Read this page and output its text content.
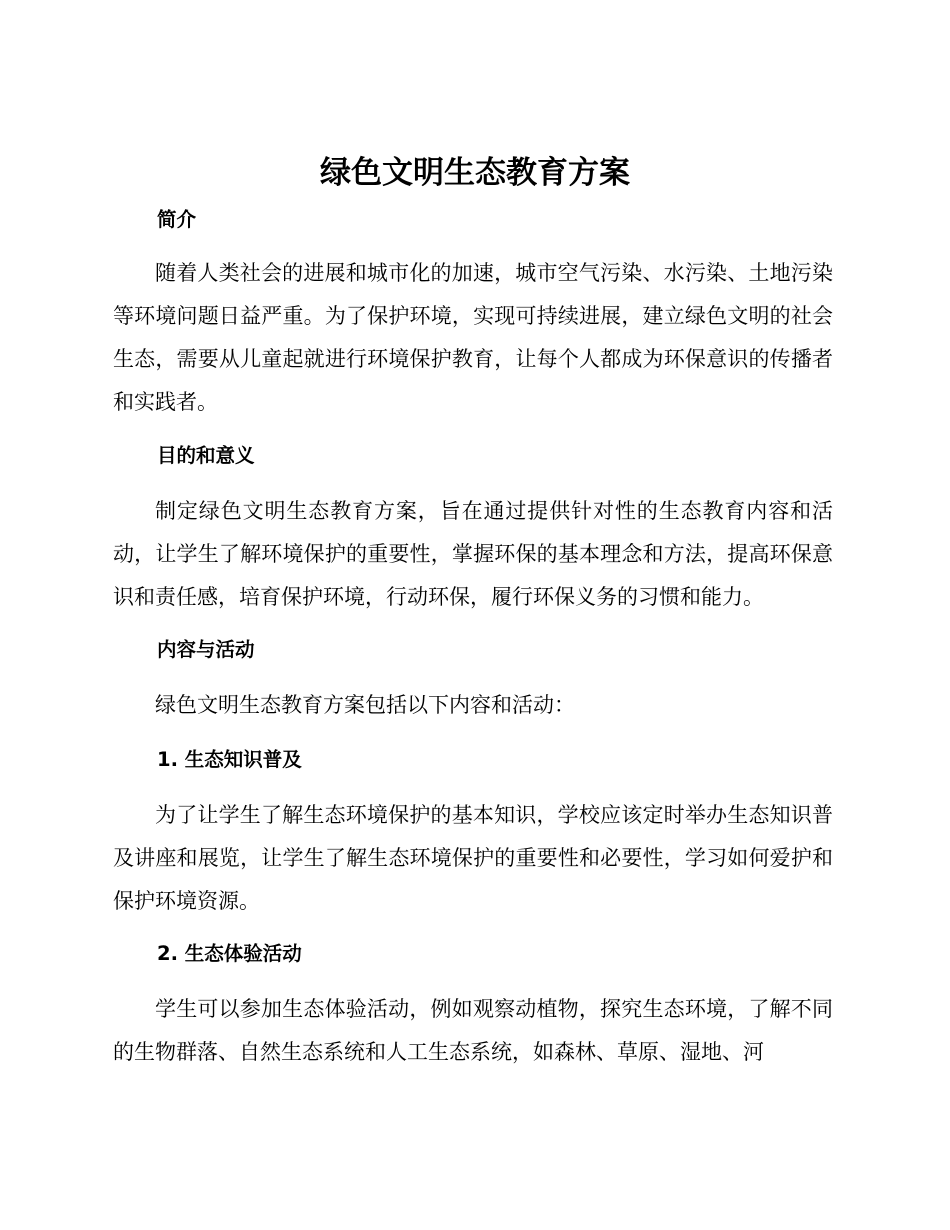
绿色文明生态教育方案
简介

随着人类社会的进展和城市化的加速，城市空气污染、水污染、土地污染等环境问题日益严重。为了保护环境，实现可持续进展，建立绿色文明的社会生态，需要从儿童起就进行环境保护教育，让每个人都成为环保意识的传播者和实践者。

目的和意义

制定绿色文明生态教育方案，旨在通过提供针对性的生态教育内容和活动，让学生了解环境保护的重要性，掌握环保的基本理念和方法，提高环保意识和责任感，培育保护环境，行动环保，履行环保义务的习惯和能力。

内容与活动

绿色文明生态教育方案包括以下内容和活动：

1. 生态知识普及

为了让学生了解生态环境保护的基本知识，学校应该定时举办生态知识普及讲座和展览，让学生了解生态环境保护的重要性和必要性，学习如何爱护和保护环境资源。

2. 生态体验活动

学生可以参加生态体验活动，例如观察动植物，探究生态环境，了解不同的生物群落、自然生态系统和人工生态系统，如森林、草原、湿地、河
